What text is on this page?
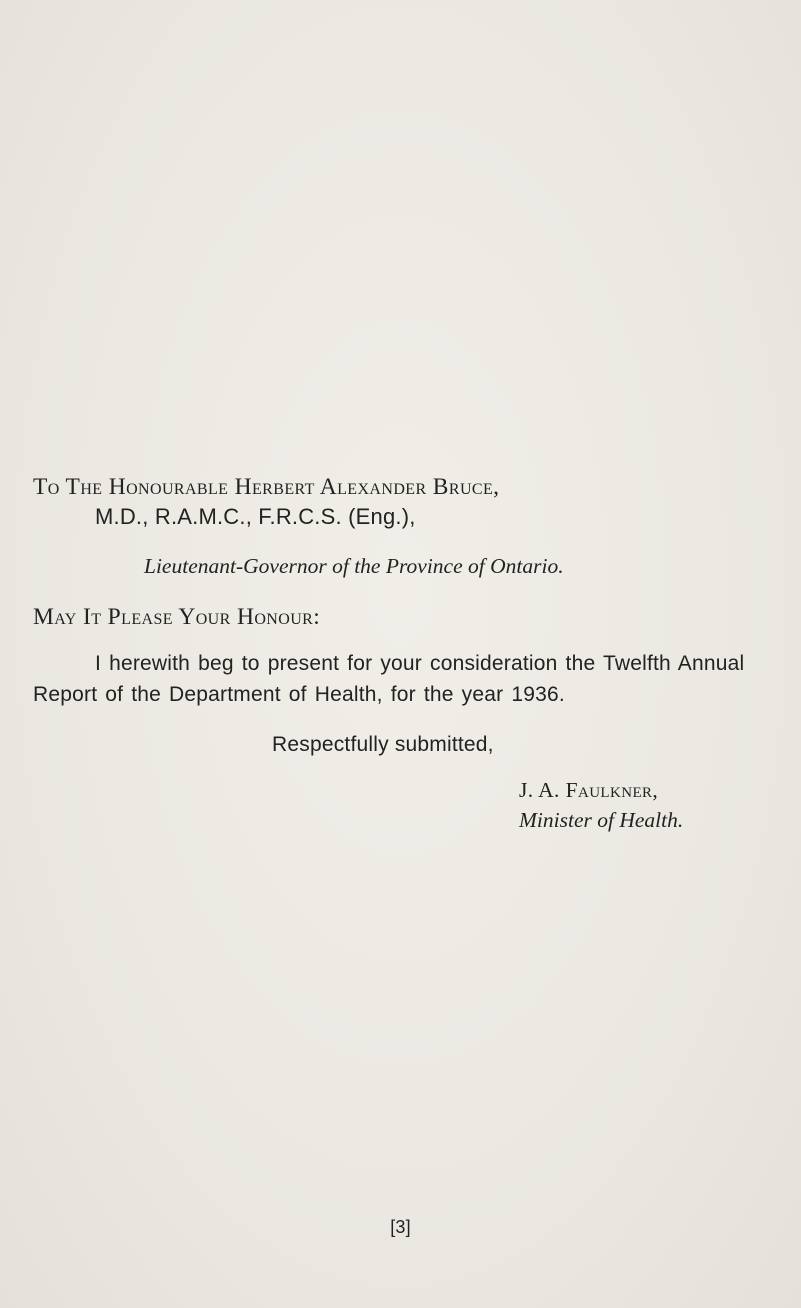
To The Honourable Herbert Alexander Bruce,

M.D., R.A.M.C., F.R.C.S. (Eng.),

Lieutenant-Governor of the Province of Ontario.

May It Please Your Honour:

I herewith beg to present for your consideration the Twelfth Annual

Report of the Department of Health, for the year 1936.

Respectfully submitted,

J. A. Faulkner,

Minister of Health.

[3]
